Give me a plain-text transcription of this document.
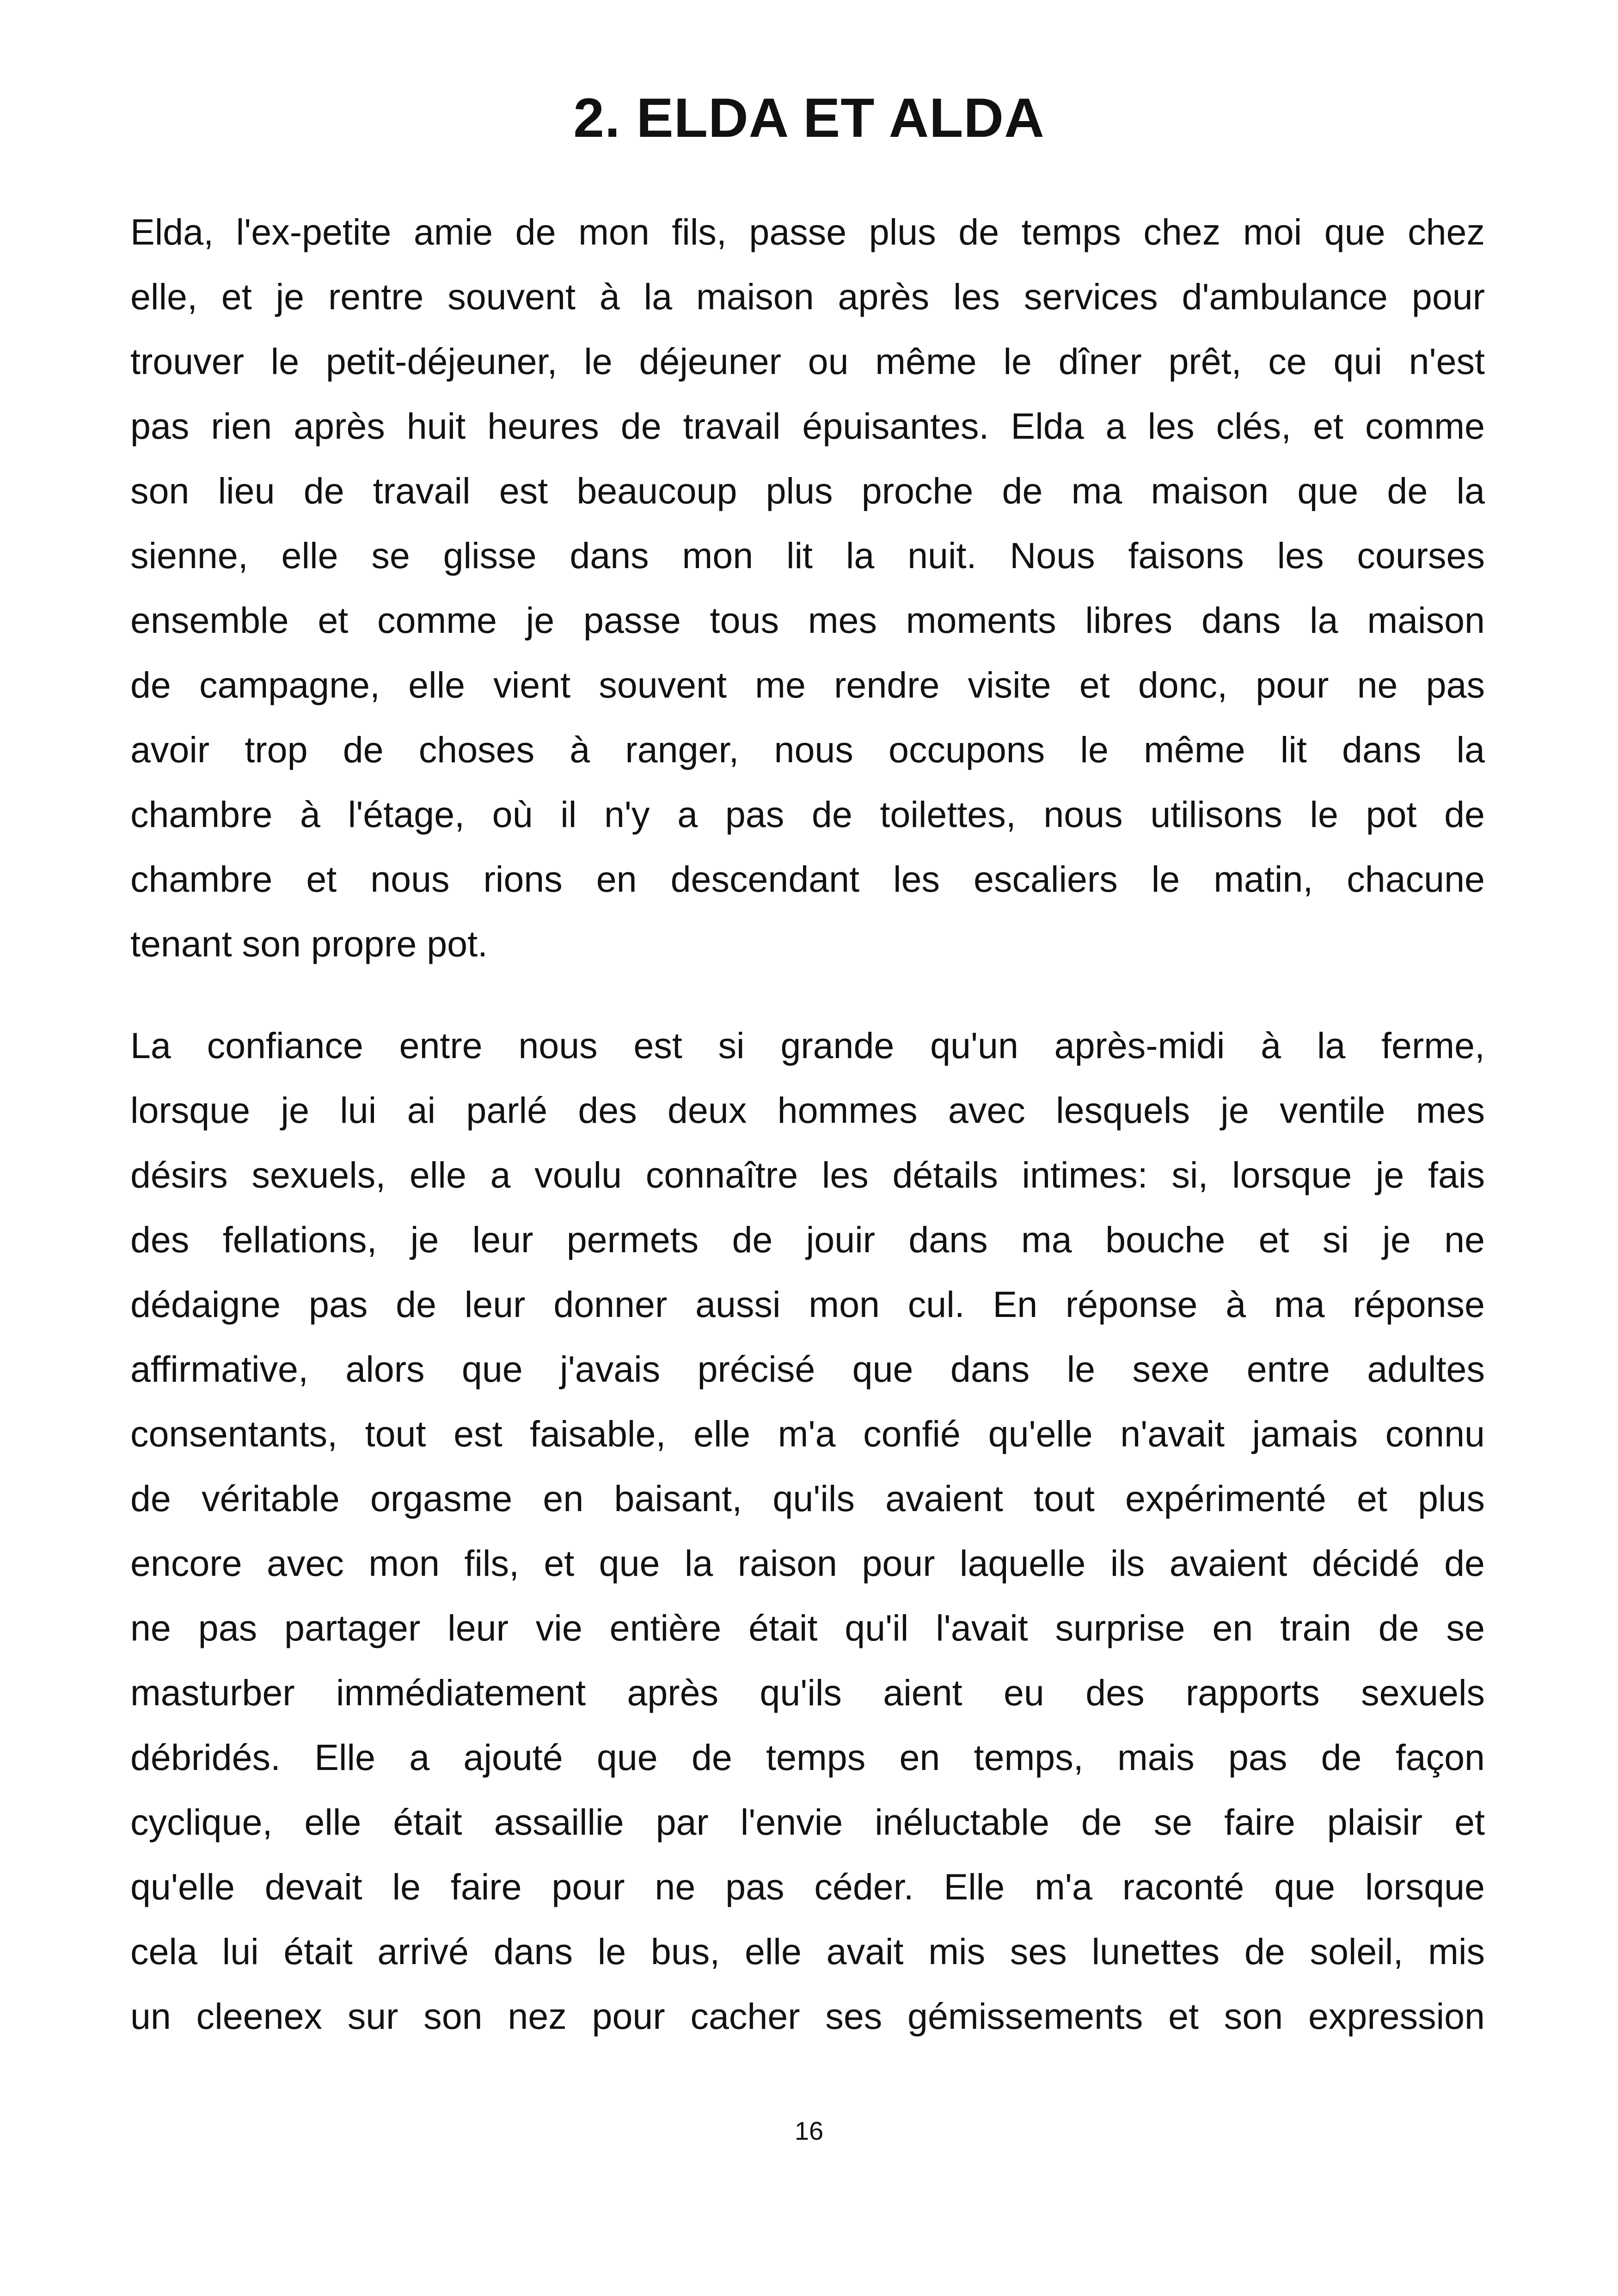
2. ELDA ET ALDA
Elda, l'ex-petite amie de mon fils, passe plus de temps chez moi que chez
elle, et je rentre souvent à la maison après les services d'ambulance pour
trouver le petit-déjeuner, le déjeuner ou même le dîner prêt, ce qui n'est
pas rien après huit heures de travail épuisantes. Elda a les clés, et comme
son lieu de travail est beaucoup plus proche de ma maison que de la
sienne, elle se glisse dans mon lit la nuit. Nous faisons les courses
ensemble et comme je passe tous mes moments libres dans la maison
de campagne, elle vient souvent me rendre visite et donc, pour ne pas
avoir trop de choses à ranger, nous occupons le même lit dans la
chambre à l'étage, où il n'y a pas de toilettes, nous utilisons le pot de
chambre et nous rions en descendant les escaliers le matin, chacune
tenant son propre pot.
La confiance entre nous est si grande qu'un après-midi à la ferme,
lorsque je lui ai parlé des deux hommes avec lesquels je ventile mes
désirs sexuels, elle a voulu connaître les détails intimes: si, lorsque je fais
des fellations, je leur permets de jouir dans ma bouche et si je ne
dédaigne pas de leur donner aussi mon cul. En réponse à ma réponse
affirmative, alors que j'avais précisé que dans le sexe entre adultes
consentants, tout est faisable, elle m'a confié qu'elle n'avait jamais connu
de véritable orgasme en baisant, qu'ils avaient tout expérimenté et plus
encore avec mon fils, et que la raison pour laquelle ils avaient décidé de
ne pas partager leur vie entière était qu'il l'avait surprise en train de se
masturber immédiatement après qu'ils aient eu des rapports sexuels
débridés. Elle a ajouté que de temps en temps, mais pas de façon
cyclique, elle était assaillie par l'envie inéluctable de se faire plaisir et
qu'elle devait le faire pour ne pas céder. Elle m'a raconté que lorsque
cela lui était arrivé dans le bus, elle avait mis ses lunettes de soleil, mis
un cleenex sur son nez pour cacher ses gémissements et son expression
16
